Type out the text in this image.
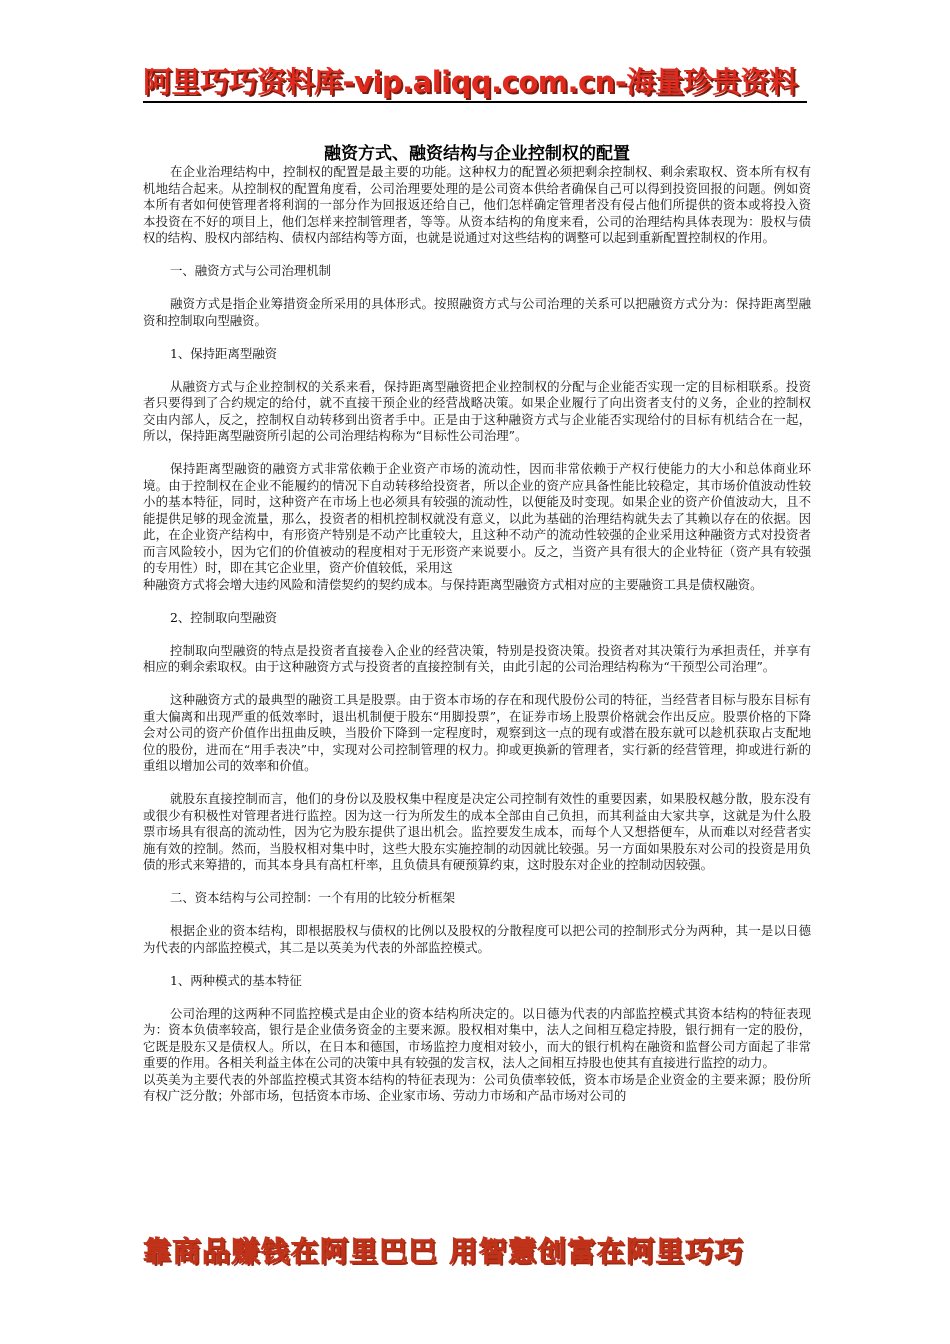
阿里巧巧资料库-vip.aliqq.com.cn-海量珍贵资料

融资方式、融资结构与企业控制权的配置

在企业治理结构中，控制权的配置是最主要的功能。这种权力的配置必须把剩余控制权、剩余索取权、资本所有权有机地结合起来。从控制权的配置角度看，公司治理要处理的是公司资本供给者确保自己可以得到投资回报的问题。例如资本所有者如何使管理者将利润的一部分作为回报返还给自己，他们怎样确定管理者没有侵占他们所提供的资本或将投入资本投资在不好的项目上，他们怎样来控制管理者，等等。从资本结构的角度来看，公司的治理结构具体表现为：股权与债权的结构、股权内部结构、债权内部结构等方面，也就是说通过对这些结构的调整可以起到重新配置控制权的作用。

一、融资方式与公司治理机制

融资方式是指企业筹措资金所采用的具体形式。按照融资方式与公司治理的关系可以把融资方式分为：保持距离型融资和控制取向型融资。

1、保持距离型融资

从融资方式与企业控制权的关系来看，保持距离型融资把企业控制权的分配与企业能否实现一定的目标相联系。投资者只要得到了合约规定的给付，就不直接干预企业的经营战略决策。如果企业履行了向出资者支付的义务，企业的控制权交由内部人，反之，控制权自动转移到出资者手中。正是由于这种融资方式与企业能否实现给付的目标有机结合在一起，所以，保持距离型融资所引起的公司治理结构称为“目标性公司治理”。

保持距离型融资的融资方式非常依赖于企业资产市场的流动性，因而非常依赖于产权行使能力的大小和总体商业环境。由于控制权在企业不能履约的情况下自动转移给投资者，所以企业的资产应具备性能比较稳定，其市场价值波动性较小的基本特征，同时，这种资产在市场上也必须具有较强的流动性，以便能及时变现。如果企业的资产价值波动大，且不能提供足够的现金流量，那么，投资者的相机控制权就没有意义，以此为基础的治理结构就失去了其赖以存在的依据。因此，在企业资产结构中，有形资产特别是不动产比重较大，且这种不动产的流动性较强的企业采用这种融资方式对投资者而言风险较小，因为它们的价值被动的程度相对于无形资产来说要小。反之，当资产具有很大的企业特征（资产具有较强的专用性）时，即在其它企业里，资产价值较低，采用这

种融资方式将会增大违约风险和清偿契约的契约成本。与保持距离型融资方式相对应的主要融资工具是债权融资。

2、控制取向型融资

控制取向型融资的特点是投资者直接卷入企业的经营决策，特别是投资决策。投资者对其决策行为承担责任，并享有相应的剩余索取权。由于这种融资方式与投资者的直接控制有关，由此引起的公司治理结构称为“干预型公司治理”。

这种融资方式的最典型的融资工具是股票。由于资本市场的存在和现代股份公司的特征，当经营者目标与股东目标有重大偏离和出现严重的低效率时，退出机制便于股东“用脚投票”，在证券市场上股票价格就会作出反应。股票价格的下降会对公司的资产价值作出扭曲反映，当股价下降到一定程度时，观察到这一点的现有或潜在股东就可以趁机获取占支配地位的股份，进而在“用手表决”中，实现对公司控制管理的权力。抑或更换新的管理者，实行新的经营管理，抑或进行新的重组以增加公司的效率和价值。

就股东直接控制而言，他们的身份以及股权集中程度是决定公司控制有效性的重要因素，如果股权越分散，股东没有或很少有积极性对管理者进行监控。因为这一行为所发生的成本全部由自己负担，而其利益由大家共享，这就是为什么股票市场具有很高的流动性，因为它为股东提供了退出机会。监控要发生成本，而每个人又想搭便车，从而难以对经营者实施有效的控制。然而，当股权相对集中时，这些大股东实施控制的动因就比较强。另一方面如果股东对公司的投资是用负债的形式来筹措的，而其本身具有高杠杆率，且负债具有硬预算约束，这时股东对企业的控制动因较强。

二、资本结构与公司控制：一个有用的比较分析框架

根据企业的资本结构，即根据股权与债权的比例以及股权的分散程度可以把公司的控制形式分为两种，其一是以日德为代表的内部监控模式，其二是以英美为代表的外部监控模式。

1、两种模式的基本特征

公司治理的这两种不同监控模式是由企业的资本结构所决定的。以日德为代表的内部监控模式其资本结构的特征表现为：资本负债率较高，银行是企业债务资金的主要来源。股权相对集中，法人之间相互稳定持股，银行拥有一定的股份，它既是股东又是债权人。所以，在日本和德国，市场监控力度相对较小，而大的银行机构在融资和监督公司方面起了非常重要的作用。各相关利益主体在公司的决策中具有较强的发言权，法人之间相互持股也使其有直接进行监控的动力。

以英美为主要代表的外部监控模式其资本结构的特征表现为：公司负债率较低，资本市场是企业资金的主要来源；股份所有权广泛分散；外部市场，包括资本市场、企业家市场、劳动力市场和产品市场对公司的

靠商品赚钱在阿里巴巴 用智慧创富在阿里巧巧
